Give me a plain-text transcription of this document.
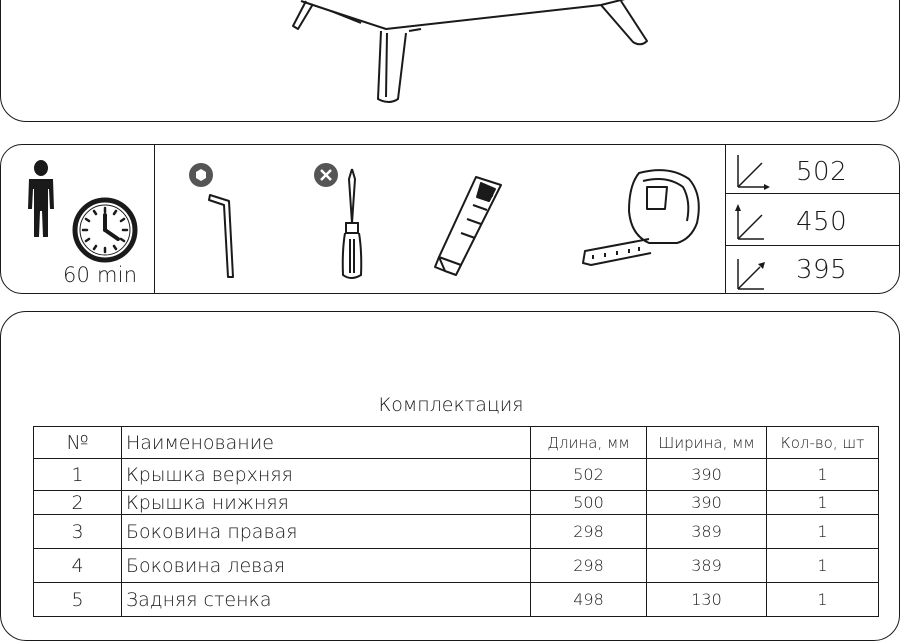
60 min
502
450
395
Комплектация
№	Наименование	Длина, мм	Ширина, мм	Кол-во, шт
1	Крышка верхняя	502	390	1
2	Крышка нижняя	500	390	1
3	Боковина правая	298	389	1
4	Боковина левая	298	389	1
5	Задняя стенка	498	130	1
